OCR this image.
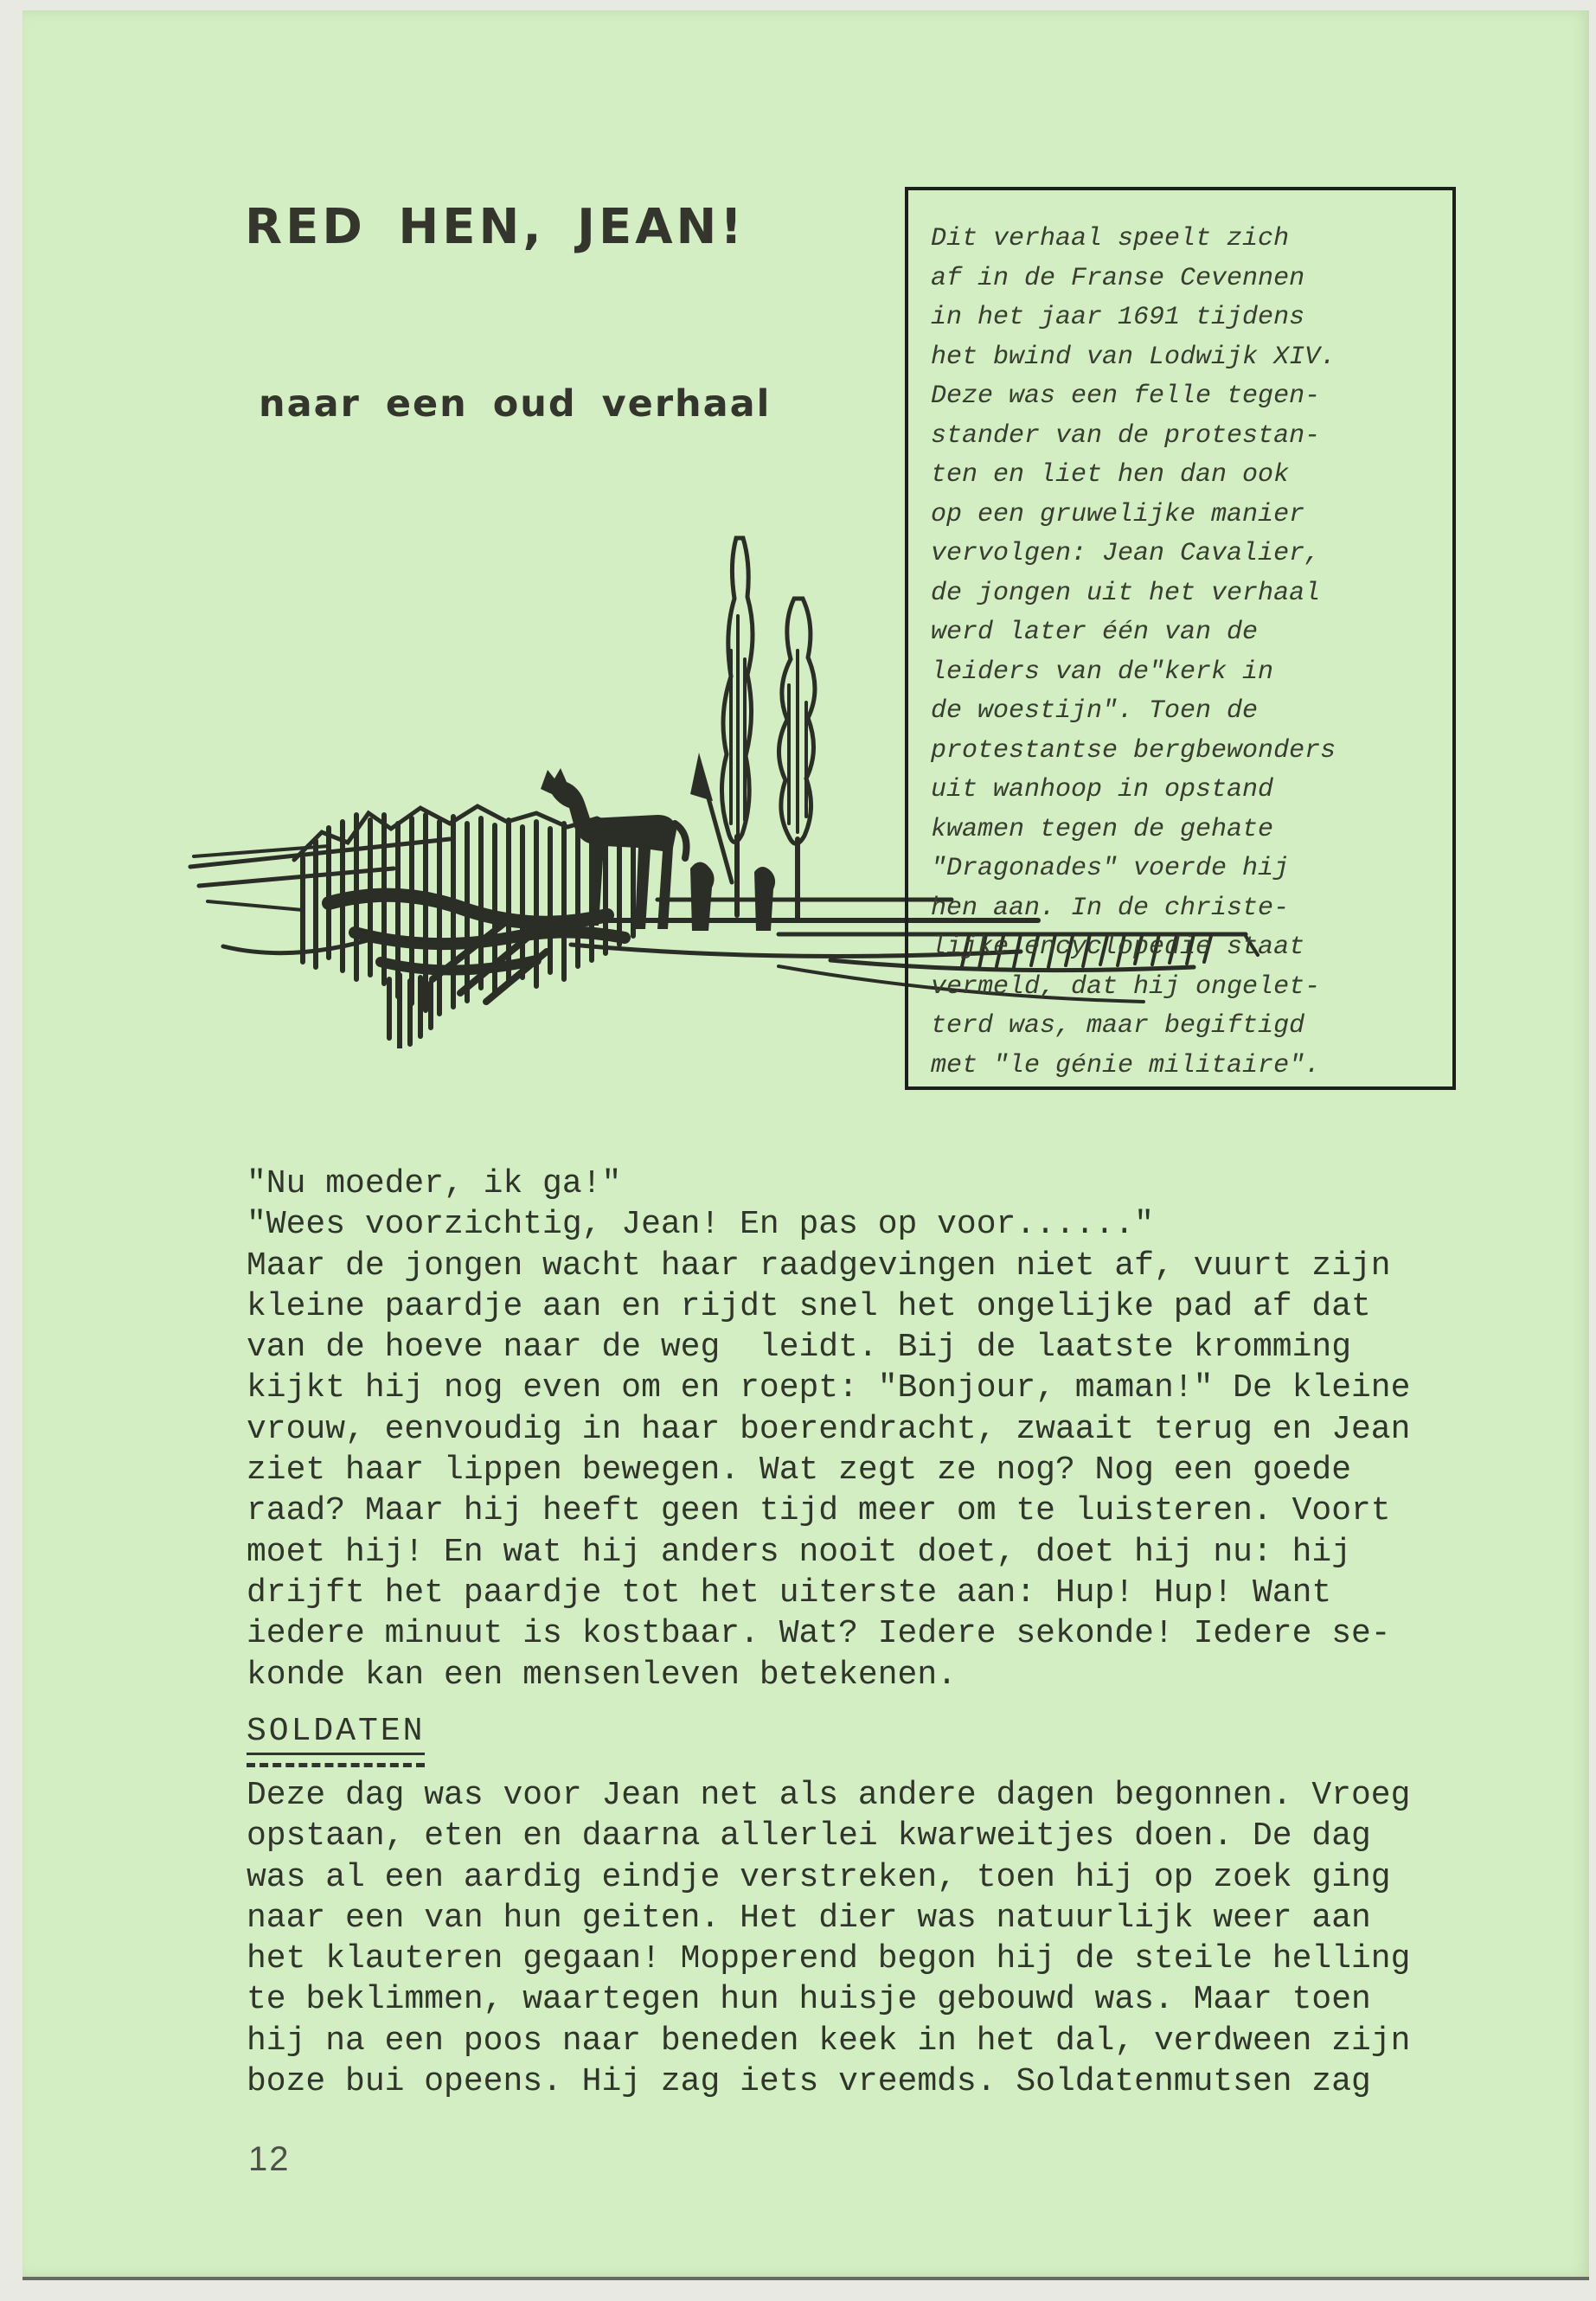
RED HEN, JEAN!
naar een oud verhaal
Dit verhaal speelt zich
af in de Franse Cevennen
in het jaar 1691 tijdens
het bwind van Lodwijk XIV.
Deze was een felle tegen-
stander van de protestan-
ten en liet hen dan ook
op een gruwelijke manier
vervolgen: Jean Cavalier,
de jongen uit het verhaal
werd later één van de
leiders van de"kerk in
de woestijn". Toen de
protestantse bergbewonders
uit wanhoop in opstand
kwamen tegen de gehate
"Dragonades" voerde hij
hen aan. In de christe-
lijke encyclopedie staat
vermeld, dat hij ongelet-
terd was, maar begiftigd
met "le génie militaire".
"Nu moeder, ik ga!"
"Wees voorzichtig, Jean! En pas op voor......"
Maar de jongen wacht haar raadgevingen niet af, vuurt zijn
kleine paardje aan en rijdt snel het ongelijke pad af dat
van de hoeve naar de weg  leidt. Bij de laatste kromming
kijkt hij nog even om en roept: "Bonjour, maman!" De kleine
vrouw, eenvoudig in haar boerendracht, zwaait terug en Jean
ziet haar lippen bewegen. Wat zegt ze nog? Nog een goede
raad? Maar hij heeft geen tijd meer om te luisteren. Voort
moet hij! En wat hij anders nooit doet, doet hij nu: hij
drijft het paardje tot het uiterste aan: Hup! Hup! Want
iedere minuut is kostbaar. Wat? Iedere sekonde! Iedere se-
konde kan een mensenleven betekenen.
SOLDATEN
Deze dag was voor Jean net als andere dagen begonnen. Vroeg
opstaan, eten en daarna allerlei kwarweitjes doen. De dag
was al een aardig eindje verstreken, toen hij op zoek ging
naar een van hun geiten. Het dier was natuurlijk weer aan
het klauteren gegaan! Mopperend begon hij de steile helling
te beklimmen, waartegen hun huisje gebouwd was. Maar toen
hij na een poos naar beneden keek in het dal, verdween zijn
boze bui opeens. Hij zag iets vreemds. Soldatenmutsen zag
12
